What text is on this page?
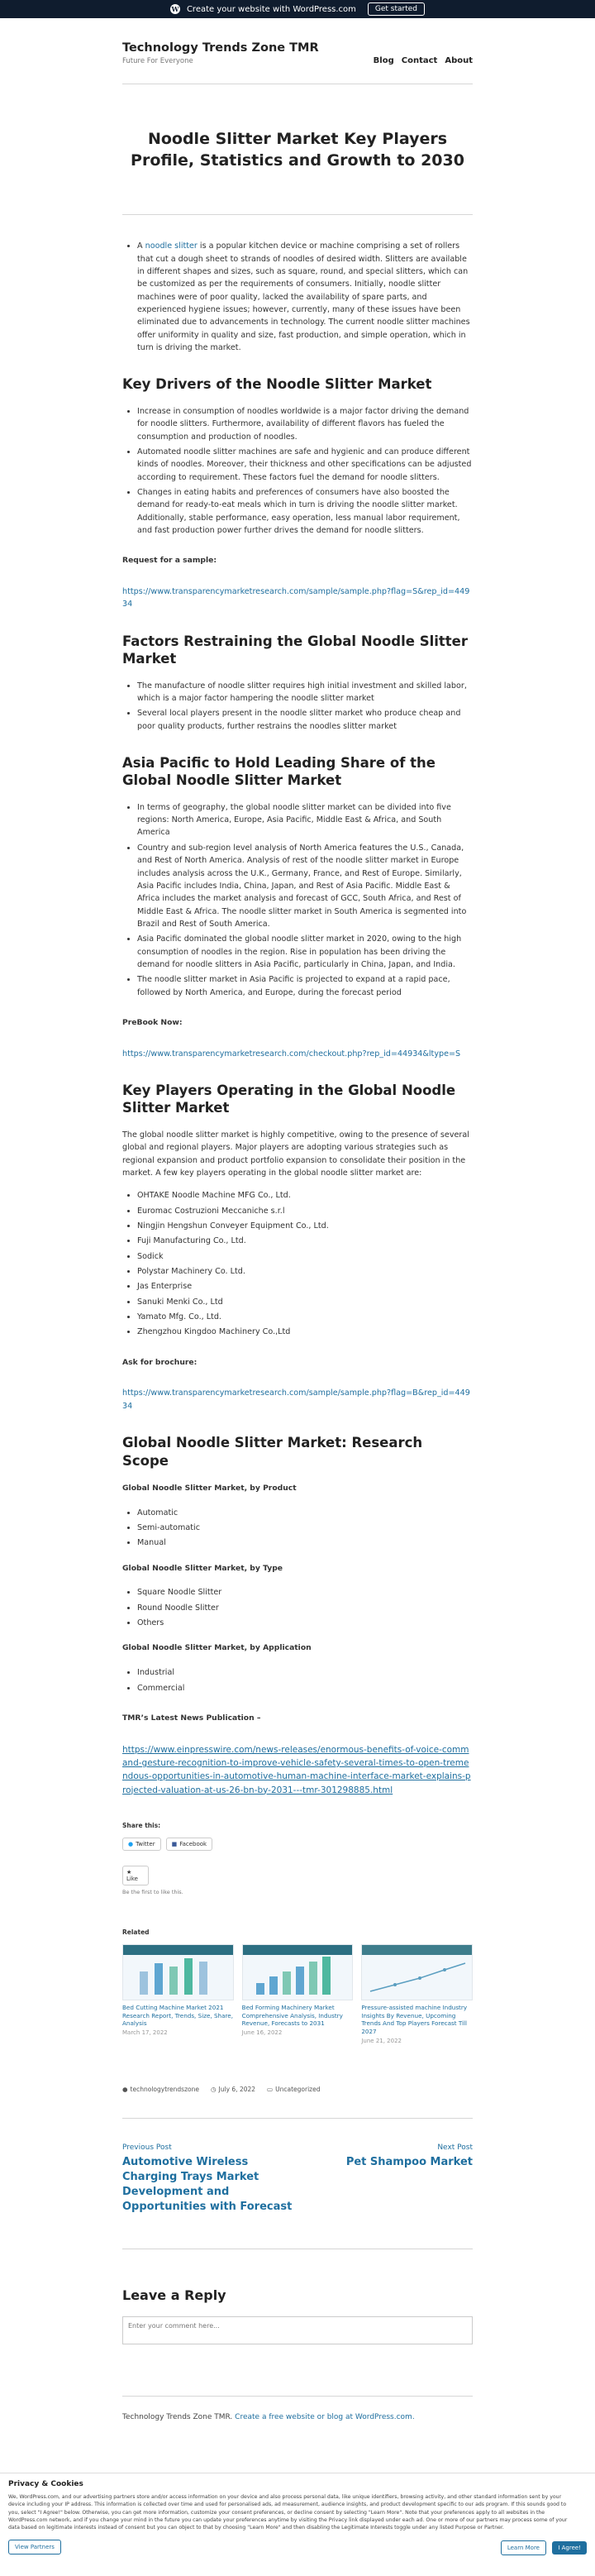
W Create your website with WordPress.com	Get started
Technology Trends Zone TMR
Future For Everyone	Blog Contact About
Noodle Slitter Market Key Players Profile, Statistics and Growth to 2030
• A noodle slitter is a popular kitchen device or machine comprising a set of rollers that cut a dough sheet to strands of noodles of desired width. Slitters are available in different shapes and sizes, such as square, round, and special slitters, which can be customized as per the requirements of consumers. Initially, noodle slitter machines were of poor quality, lacked the availability of spare parts, and experienced hygiene issues; however, currently, many of these issues have been eliminated due to advancements in technology. The current noodle slitter machines offer uniformity in quality and size, fast production, and simple operation, which in turn is driving the market.
Key Drivers of the Noodle Slitter Market
• Increase in consumption of noodles worldwide is a major factor driving the demand for noodle slitters. Furthermore, availability of different flavors has fueled the consumption and production of noodles.
• Automated noodle slitter machines are safe and hygienic and can produce different kinds of noodles. Moreover, their thickness and other specifications can be adjusted according to requirement. These factors fuel the demand for noodle slitters.
• Changes in eating habits and preferences of consumers have also boosted the demand for ready-to-eat meals which in turn is driving the noodle slitter market. Additionally, stable performance, easy operation, less manual labor requirement, and fast production power further drives the demand for noodle slitters.

Request for a sample:

https://www.transparencymarketresearch.com/sample/sample.php?flag=S&rep_id=44934

Factors Restraining the Global Noodle Slitter Market
• The manufacture of noodle slitter requires high initial investment and skilled labor, which is a major factor hampering the noodle slitter market
• Several local players present in the noodle slitter market who produce cheap and poor quality products, further restrains the noodles slitter market
Asia Pacific to Hold Leading Share of the Global Noodle Slitter Market
• In terms of geography, the global noodle slitter market can be divided into five regions: North America, Europe, Asia Pacific, Middle East & Africa, and South America
• Country and sub-region level analysis of North America features the U.S., Canada, and Rest of North America. Analysis of rest of the noodle slitter market in Europe includes analysis across the U.K., Germany, France, and Rest of Europe. Similarly, Asia Pacific includes India, China, Japan, and Rest of Asia Pacific. Middle East & Africa includes the market analysis and forecast of GCC, South Africa, and Rest of Middle East & Africa. The noodle slitter market in South America is segmented into Brazil and Rest of South America.
• Asia Pacific dominated the global noodle slitter market in 2020, owing to the high consumption of noodles in the region. Rise in population has been driving the demand for noodle slitters in Asia Pacific, particularly in China, Japan, and India.
• The noodle slitter market in Asia Pacific is projected to expand at a rapid pace, followed by North America, and Europe, during the forecast period

PreBook Now:

https://www.transparencymarketresearch.com/checkout.php?rep_id=44934&ltype=S

Key Players Operating in the Global Noodle Slitter Market

The global noodle slitter market is highly competitive, owing to the presence of several global and regional players. Major players are adopting various strategies such as regional expansion and product portfolio expansion to consolidate their position in the market. A few key players operating in the global noodle slitter market are:

• OHTAKE Noodle Machine MFG Co., Ltd.
• Euromac Costruzioni Meccaniche s.r.l
• Ningjin Hengshun Conveyer Equipment Co., Ltd.
• Fuji Manufacturing Co., Ltd.
• Sodick
• Polystar Machinery Co. Ltd.
• Jas Enterprise
• Sanuki Menki Co., Ltd
• Yamato Mfg. Co., Ltd.
• Zhengzhou Kingdoo Machinery Co.,Ltd

Ask for brochure:

https://www.transparencymarketresearch.com/sample/sample.php?flag=B&rep_id=44934

Global Noodle Slitter Market: Research Scope

Global Noodle Slitter Market, by Product

• Automatic
• Semi-automatic
• Manual

Global Noodle Slitter Market, by Type

• Square Noodle Slitter
• Round Noodle Slitter
• Others

Global Noodle Slitter Market, by Application

• Industrial
• Commercial

TMR’s Latest News Publication –

https://www.einpresswire.com/news-releases/enormous-benefits-of-voice-command-gesture-recognition-to-improve-vehicle-safety-several-times-to-open-tremendous-opportunities-in-automotive-human-machine-interface-market-explains-projected-valuation-at-us-26-bn-by-2031---tmr-301298885.html

Share this:
● Twitter	■ Facebook
★ Like
Be the first to like this.
Related
Bed Cutting Machine Market 2021 Research Report, Trends, Size, Share, Analysis
March 17, 2022
Bed Forming Machinery Market Comprehensive Analysis, Industry Revenue, Forecasts to 2031
June 16, 2022
Pressure-assisted machine Industry Insights By Revenue, Upcoming Trends And Top Players Forecast Till 2027
June 21, 2022
● technologytrendszone ◷ July 6, 2022 ▭ Uncategorized
Previous Post
Automotive Wireless Charging Trays Market Development and Opportunities with Forecast
Next Post
Pet Shampoo Market
Leave a Reply
Enter your comment here...
Technology Trends Zone TMR. Create a free website or blog at WordPress.com.
Privacy & Cookies
We, WordPress.com, and our advertising partners store and/or access information on your device and also process personal data, like unique identifiers, browsing activity, and other standard information sent by your device including your IP address. This information is collected over time and used for personalised ads, ad measurement, audience insights, and product development specific to our ads program. If this sounds good to you, select "I Agree!" below. Otherwise, you can get more information, customize your consent preferences, or decline consent by selecting "Learn More". Note that your preferences apply to all websites in the WordPress.com network, and if you change your mind in the future you can update your preferences anytime by visiting the Privacy link displayed under each ad. One or more of our partners may process some of your data based on legitimate interests instead of consent but you can object to that by choosing "Learn More" and then disabling the Legitimate Interests toggle under any listed Purpose or Partner.
View Partners	Learn More	I Agree!
